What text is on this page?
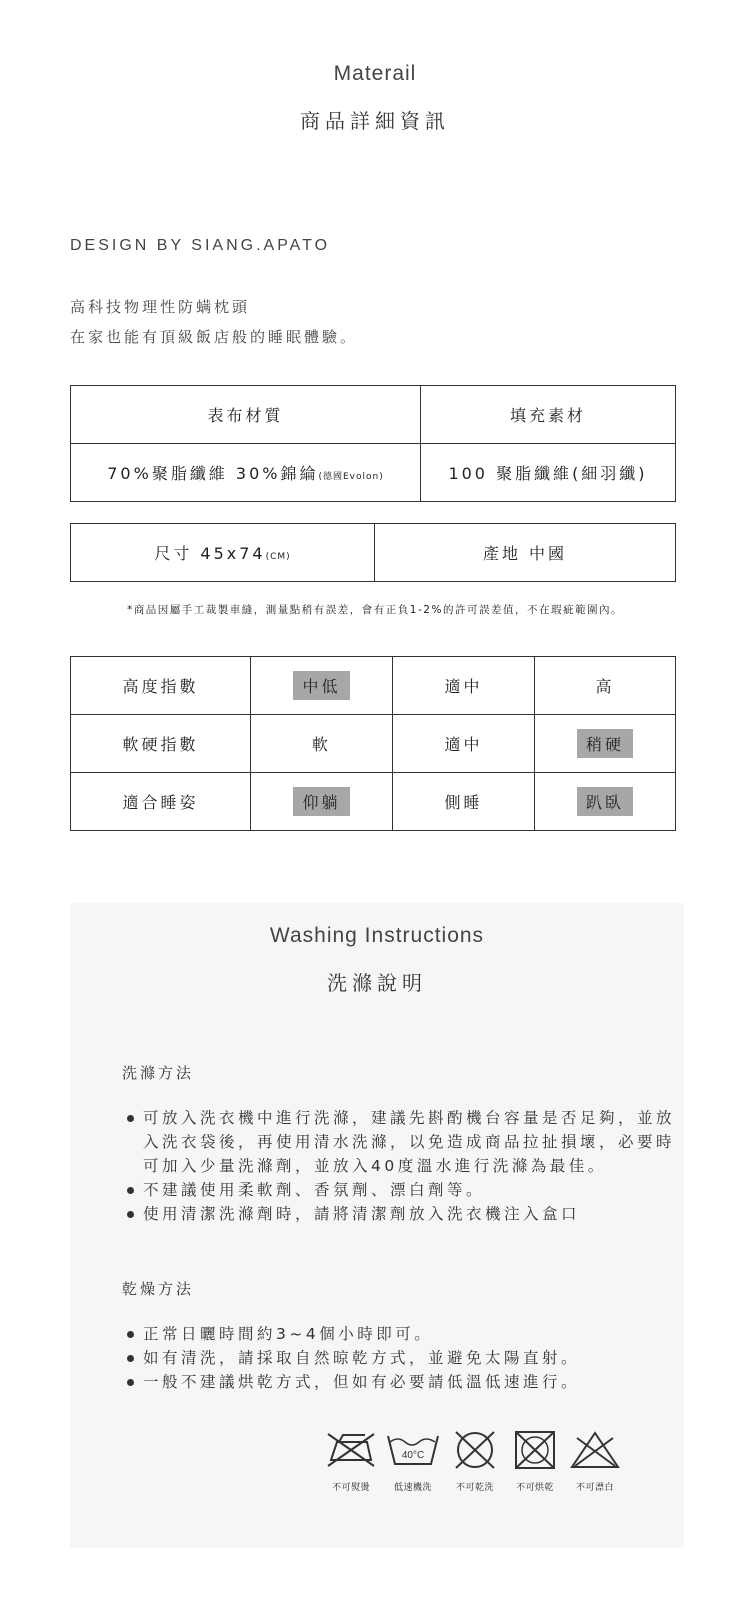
Materail
商品詳細資訊
DESIGN BY SIANG.APATO
高科技物理性防螨枕頭
在家也能有頂級飯店般的睡眠體驗。
表布材質	填充素材
70%聚脂纖維 30%錦綸(德國Evolon)	100 聚脂纖維(細羽纖)
尺寸 45x74(CM)	產地 中國
*商品因屬手工裁製車縫，測量點稍有誤差，會有正負1-2%的許可誤差值，不在瑕疵範圍內。
高度指數	中低	適中	高
軟硬指數	軟	適中	稍硬
適合睡姿	仰躺	側睡	趴臥
Washing Instructions
洗滌說明
洗滌方法
可放入洗衣機中進行洗滌，建議先斟酌機台容量是否足夠，並放入洗衣袋後，再使用清水洗滌，以免造成商品拉扯損壞，必要時可加入少量洗滌劑，並放入40度溫水進行洗滌為最佳。
不建議使用柔軟劑、香氛劑、漂白劑等。
使用清潔洗滌劑時，請將清潔劑放入洗衣機注入盒口
乾燥方法
正常日曬時間約3~4個小時即可。
如有清洗，請採取自然晾乾方式，並避免太陽直射。
一般不建議烘乾方式，但如有必要請低溫低速進行。
不可熨燙
40°C
低速機洗	不可乾洗	不可烘乾	不可漂白
